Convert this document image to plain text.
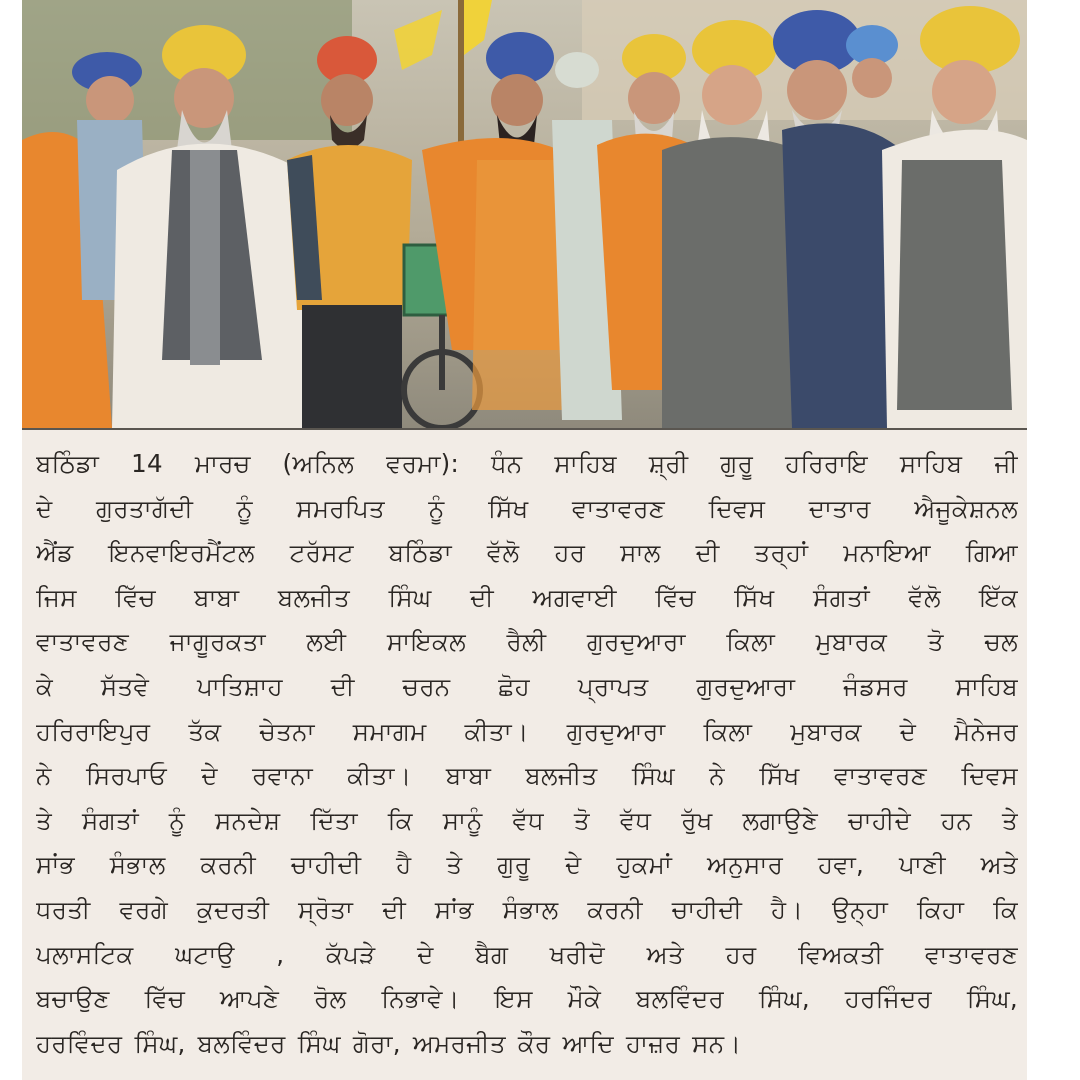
ਬਠਿੰਡਾ 14 ਮਾਰਚ (ਅਨਿਲ ਵਰਮਾ): ਧੰਨ ਸਾਹਿਬ ਸ਼੍ਰੀ ਗੁਰੂ ਹਰਿਰਾਇ ਸਾਹਿਬ ਜੀ
ਦੇ ਗੁਰਤਾਗੱਦੀ ਨੂੰ ਸਮਰਪਿਤ ਨੂੰ ਸਿੱਖ ਵਾਤਾਵਰਣ ਦਿਵਸ ਦਾਤਾਰ ਐਜੂਕੇਸ਼ਨਲ
ਐਂਡ ਇਨਵਾਇਰਮੈਂਟਲ ਟਰੱਸਟ ਬਠਿੰਡਾ ਵੱਲੋ ਹਰ ਸਾਲ ਦੀ ਤਰ੍ਹਾਂ ਮਨਾਇਆ ਗਿਆ
ਜਿਸ ਵਿੱਚ ਬਾਬਾ ਬਲਜੀਤ ਸਿੰਘ ਦੀ ਅਗਵਾਈ ਵਿੱਚ ਸਿੱਖ ਸੰਗਤਾਂ ਵੱਲੋ ਇੱਕ
ਵਾਤਾਵਰਣ ਜਾਗੂਰਕਤਾ ਲਈ ਸਾਇਕਲ ਰੈਲੀ ਗੁਰਦੁਆਰਾ ਕਿਲਾ ਮੁਬਾਰਕ ਤੋ ਚਲ
ਕੇ ਸੱਤਵੇ ਪਾਤਿਸ਼ਾਹ ਦੀ ਚਰਨ ਛੋਹ ਪ੍ਰਾਪਤ ਗੁਰਦੁਆਰਾ ਜੰਡਸਰ ਸਾਹਿਬ
ਹਰਿਰਾਇਪੁਰ ਤੱਕ ਚੇਤਨਾ ਸਮਾਗਮ ਕੀਤਾ। ਗੁਰਦੁਆਰਾ ਕਿਲਾ ਮੁਬਾਰਕ ਦੇ ਮੈਨੇਜਰ
ਨੇ ਸਿਰਪਾਓ ਦੇ ਰਵਾਨਾ ਕੀਤਾ। ਬਾਬਾ ਬਲਜੀਤ ਸਿੰਘ ਨੇ ਸਿੱਖ ਵਾਤਾਵਰਣ ਦਿਵਸ
ਤੇ ਸੰਗਤਾਂ ਨੂੰ ਸਨਦੇਸ਼ ਦਿੱਤਾ ਕਿ ਸਾਨੂੰ ਵੱਧ ਤੋ ਵੱਧ ਰੁੱਖ ਲਗਾਉਣੇ ਚਾਹੀਦੇ ਹਨ ਤੇ
ਸਾਂਭ ਸੰਭਾਲ ਕਰਨੀ ਚਾਹੀਦੀ ਹੈ ਤੇ ਗੁਰੂ ਦੇ ਹੁਕਮਾਂ ਅਨੁਸਾਰ ਹਵਾ, ਪਾਣੀ ਅਤੇ
ਧਰਤੀ ਵਰਗੇ ਕੁਦਰਤੀ ਸ੍ਰੋਤਾ ਦੀ ਸਾਂਭ ਸੰਭਾਲ ਕਰਨੀ ਚਾਹੀਦੀ ਹੈ। ਉਨ੍ਹਾ ਕਿਹਾ ਕਿ
ਪਲਾਸਟਿਕ ਘਟਾਉ , ਕੱਪੜੇ ਦੇ ਬੈਗ ਖਰੀਦੋ ਅਤੇ ਹਰ ਵਿਅਕਤੀ ਵਾਤਾਵਰਣ
ਬਚਾਉਣ ਵਿੱਚ ਆਪਣੇ ਰੋਲ ਨਿਭਾਵੇ। ਇਸ ਮੌਕੇ ਬਲਵਿੰਦਰ ਸਿੰਘ, ਹਰਜਿੰਦਰ ਸਿੰਘ,
ਹਰਵਿੰਦਰ ਸਿੰਘ, ਬਲਵਿੰਦਰ ਸਿੰਘ ਗੋਰਾ, ਅਮਰਜੀਤ ਕੌਰ ਆਦਿ ਹਾਜ਼ਰ ਸਨ।
